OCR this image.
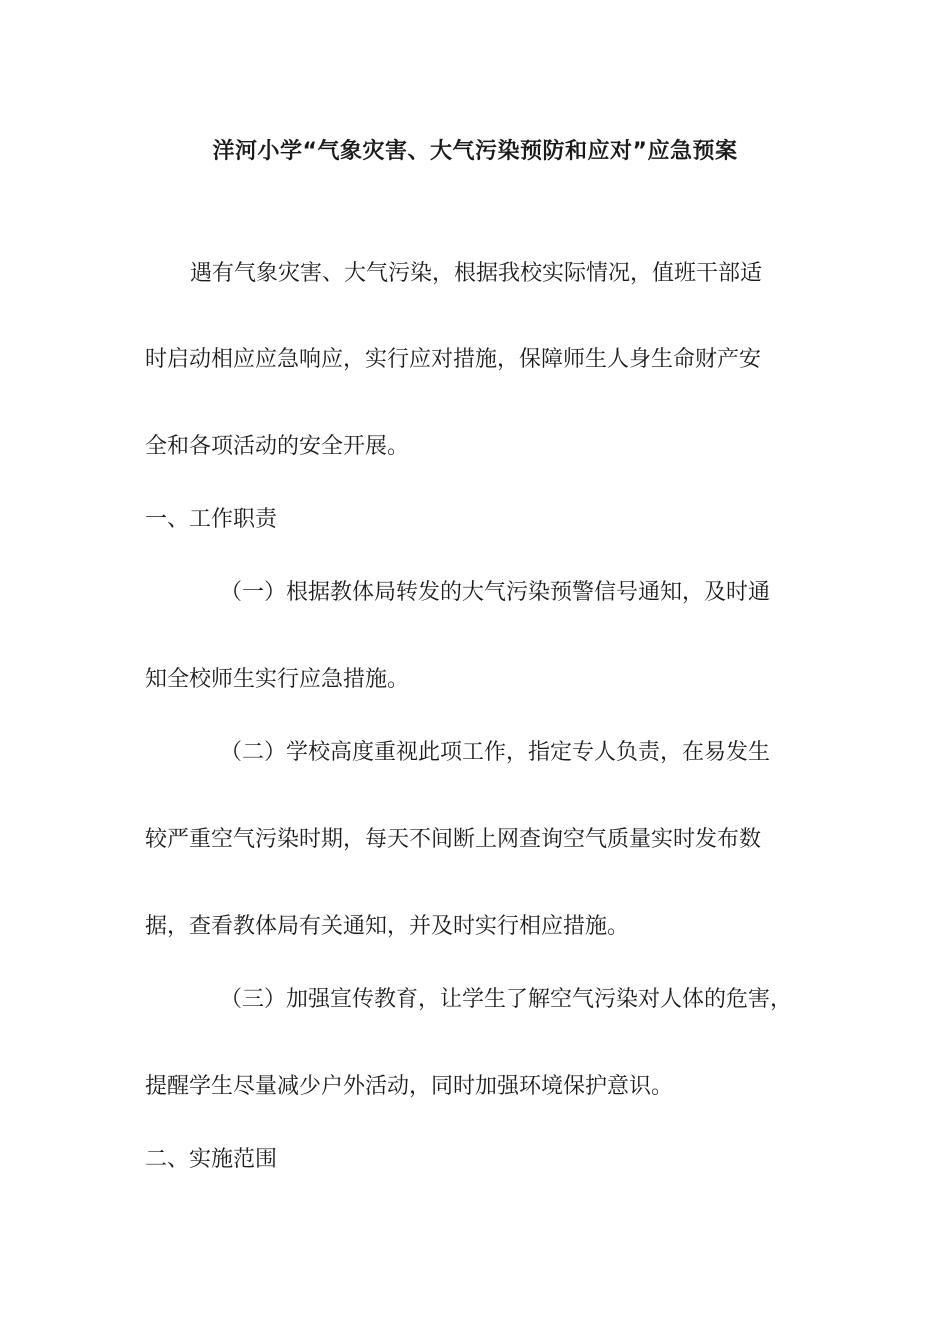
洋河小学“气象灾害、大气污染预防和应对”应急预案
遇有气象灾害、大气污染，根据我校实际情况，值班干部适
时启动相应应急响应，实行应对措施，保障师生人身生命财产安
全和各项活动的安全开展。
一、工作职责
（一）根据教体局转发的大气污染预警信号通知，及时通
知全校师生实行应急措施。
（二）学校高度重视此项工作，指定专人负责，在易发生
较严重空气污染时期，每天不间断上网查询空气质量实时发布数
据，查看教体局有关通知，并及时实行相应措施。
（三）加强宣传教育，让学生了解空气污染对人体的危害，
提醒学生尽量减少户外活动，同时加强环境保护意识。
二、实施范围
